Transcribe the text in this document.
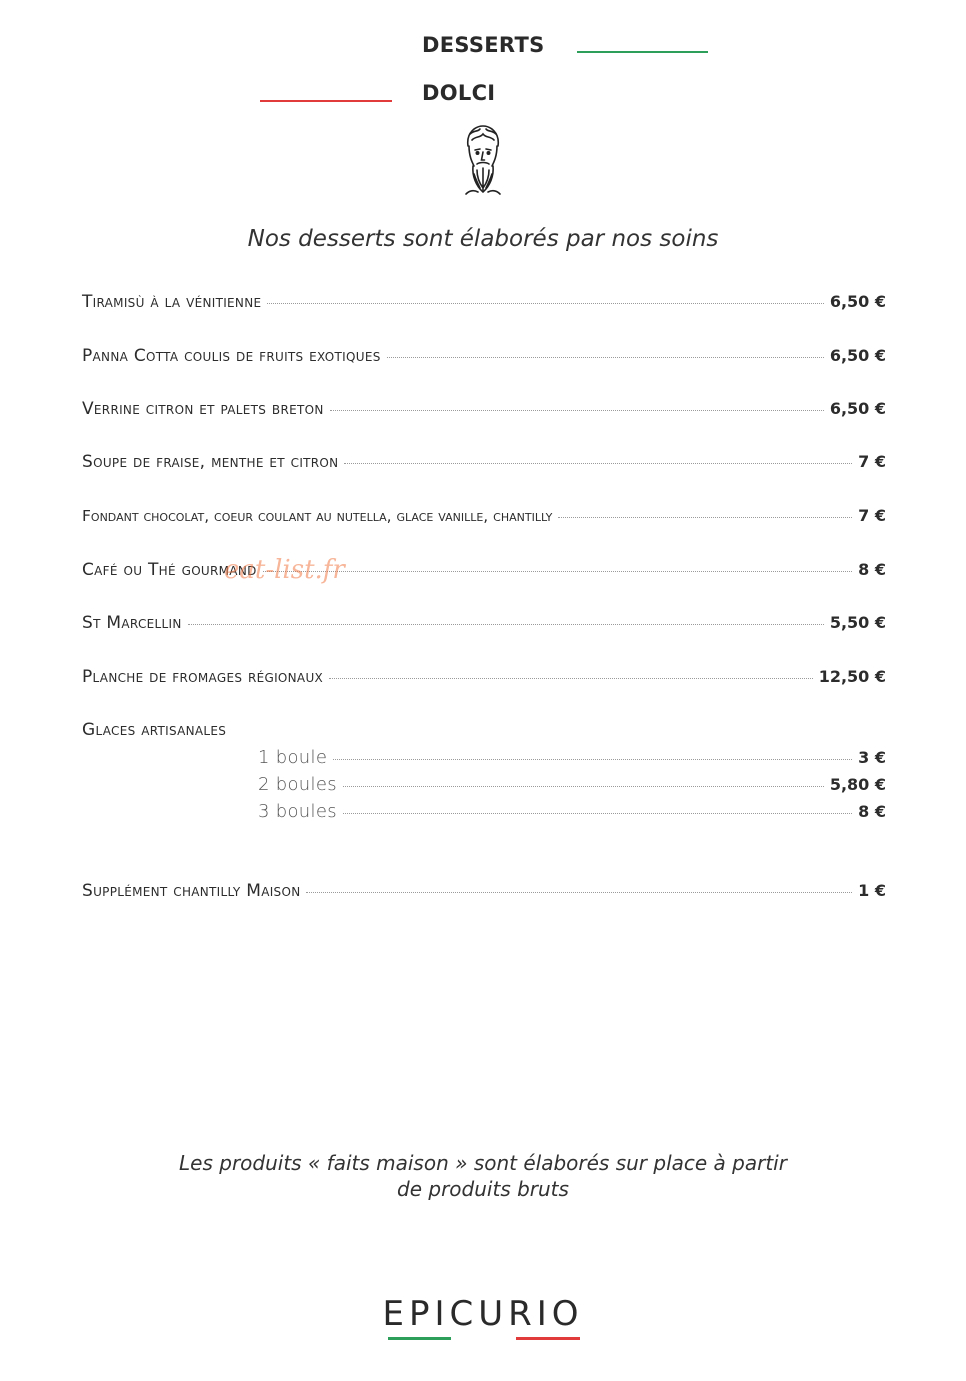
DESSERTS
DOLCI
Nos desserts sont élaborés par nos soins
Tiramisù à la vénitienne	6,50 €
Panna Cotta coulis de fruits exotiques	6,50 €
Verrine citron et palets breton	6,50 €
Soupe de fraise, menthe et citron	7 €
Fondant chocolat, coeur coulant au nutella, glace vanille, chantilly	7 €
Café ou Thé gourmand	8 €
St Marcellin	5,50 €
Planche de fromages régionaux	12,50 €
Glaces artisanales
1 boule	3 €
2 boules	5,80 €
3 boules	8 €
Supplément chantilly Maison	1 €
eat-list.fr
Les produits « faits maison » sont élaborés sur place à partir
de produits bruts
EPICURIO
